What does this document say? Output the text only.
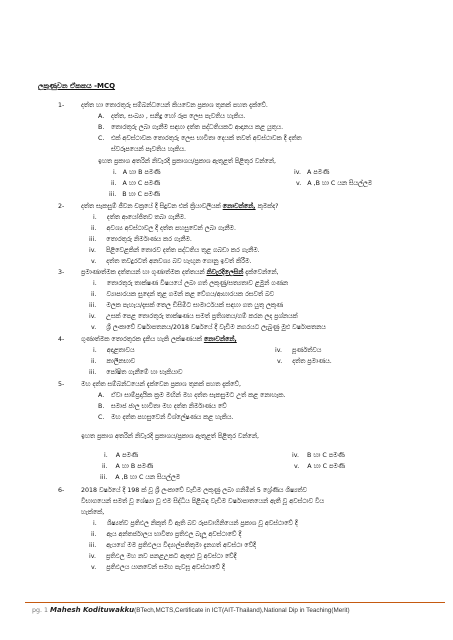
ලකුණුවන ඒකකය -MCQ
1-	දත්ත හා තොරතුරු සම්බන්ධයෙන් කියවෙන ප්‍රකාශ තුනක් පහත දැක්වේ.
A. දත්ත, සංඛ්‍යා , සනිදු හෝ රූප ලෙස පැවතිය හැකිය.
B. තොරතුරු ලබා ගැනීම සඳහා දත්ත පද්ධතියකට ආදානය කළ යුතුය.
C. එක් අවස්ථාවක තොරතුරු ලෙස භාවිතා දෙයක් තවත් අවස්ථාවක දී දත්ත
ස්වරූපයෙන් පැවතිය හැකිය.
ඉහත ප්‍රකාශ අතරින් නිවැරදි ප්‍රකාශය/ප්‍රකාශ ඇතුළත් පිළිතුර වන්නේ,
i. A හා B පමණි	iv. A පමණි
ii. A හා C පමණි	v. A ,B හා C යන සියල්ලම
iii. B හා C පමණි
2-	දත්ත සැකසුම් ජීවන චක්‍රයේ දී සිදුවන එක් ක්‍රියාවලියක් නොවන්නේ, කුමක්ද?
i. දත්ත ආයෝජිතව තබා ගැනීම.
ii. අවශ්‍ය අවස්ථාවල දී දත්ත පහසුවෙන් ලබා ගැනීම.
iii. තොරතුරු නිර්මාණය කර ගැනීම.
iv. පිළිවෙළකින් තොරව දත්ත පද්ධතිය තුළ ගබඩා කර ගැනීම.
v. දත්ත තවදුරටත් අනවශ්‍ය බව හැඟුන ගොනු ඉවත් කිරීම.
3-	ප්‍රමාණාත්මක දත්තයන් හා ගුණාත්මක දත්තයන් නිවැරදිලෙසින් දැක්වෙන්නේ,
i. තොරතුරු තාක්ෂණ විෂයයේ ලබා ගත් ලකුණු/සත්‍යතාව ළමුන් ගණන
ii. ව්‍යාපාරයක සුදෙන් තුළ ගමන් කළ වේගය/ආහාරයක රසවත් බව
iii. මලක පැහැය/දැසක් තෙල ඩීසිමිට සාමාර්ථයක් සඳහා ගත යුතු ලකුණ
iv. උසක් පෙළ තොරතුරු තාක්ෂණය සමත් ප්‍රතිශතය/ගම් කරන ලද ප්‍රශ්නයක්
v. ශ්‍රී ලංකාවේ වර්ෂාපතනය/2018 වර්ෂයේ දී වැඩිම නගරයට ලැබුණු මුළු වර්ෂාපතනය
4-	ගුණාත්මක තොරතුරක දැකිය හැකි ලක්ෂණයක් නොවන්නේ,
i. අදාළතාවය	iv. පූර්ණත්වය
ii. කාලීනභාව	v. දත්ත ප්‍රමාණය.
iii. පෝෂිත ගැනීමේ හා භැකියාව
5-	මහ දත්ත සම්බන්ධයෙන් දැක්වෙන ප්‍රකාශ තුනක් පහත දැක්වේ,
A. ඒවා සාම්ප්‍රදායික ක්‍රම මඟින් මහ දත්ත සැකසුමට උත් කළ නොහැක.
B. සමාජ ජාල භාවිතා මහ දත්ත නිර්මාණය වේ
C. මහ දත්ත පහසුවෙන් විශ්ලේෂණය කළ හැකිය.
ඉහත ප්‍රකාශ අතරින් නිවැරදි ප්‍රකාශය/ප්‍රකාශ ඇතුළත් පිළිතුර වන්නේ,
i. A පමණි	iv. B හා C පමණි
ii. A හා B පමණි	v. A හා C පමණි
iii. A ,B හා C යන සියල්ලම
6-	2018 වර්ෂයේ දී 198 ක් වූ ශ්‍රී ලංකාවේ වැඩිම ලකුණු ලබා ගනිමින් 5 ශ්‍රේණිය ශිෂ්‍යත්ව
විභාගයෙන් සමත් වූ ශේෂ්‍යා වූ එම සිද්ධිය පිළිබඳ වැඩිම වර්ෂාපාතයෙන් ඇතී වූ අවස්ථාව විය
හැක්කේ,
i. ශිෂ්‍යත්ව ප්‍රතිඵල නිකුත් වී ඇති බව රූපවාහිනියෙන් ප්‍රකාශ වූ අවස්ථාවේ දී
ii. ඇය අන්තර්ජාලය භාවිතා ප්‍රතිඵල බැලූ අවස්ථාවේ දී
iii. ඇයගේ මම ප්‍රතිඵලය විද්‍යාල්පතිතුමා දැනගත් අවස්ථා වේදී
iv. ප්‍රතිඵල මහ නව පනළඋකට ඇතුළු වූ අවස්ථා වේදී
v. ප්‍රතිඵලය යානවෙන් සමහ පැවසූ අවස්ථාවේ දී
pg. 1 Mahesh Kodituwakku(BTech,MCTS,Certificate in ICT(AIT-Thailand),National Dip in Teaching(Merit)
